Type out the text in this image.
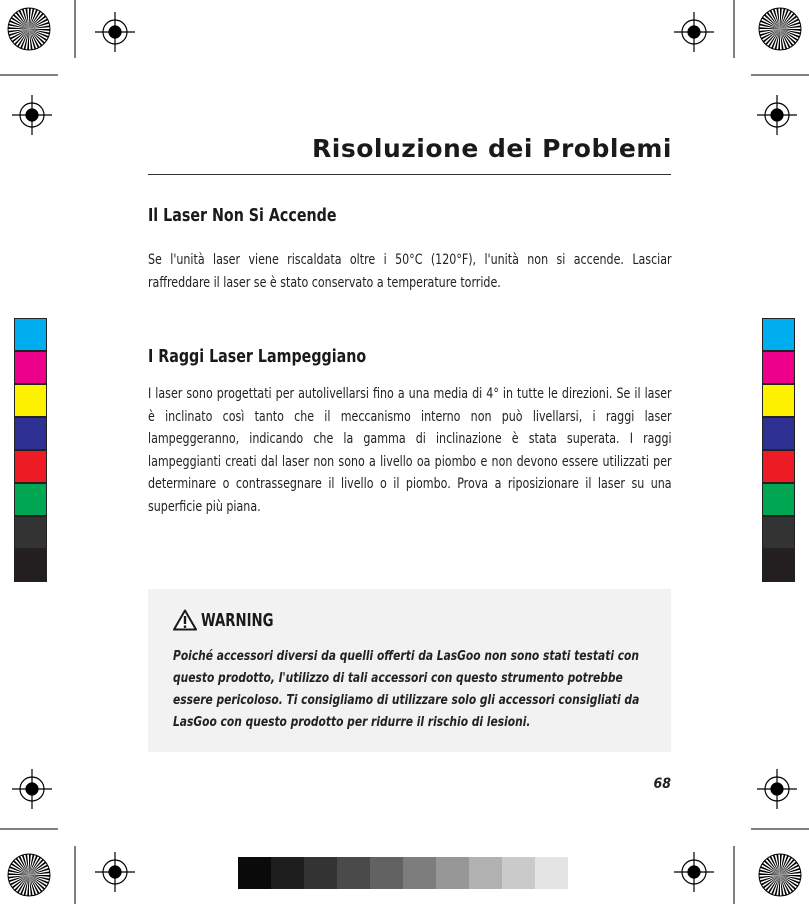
Risoluzione dei Problemi
Il Laser Non Si Accende

Se l'unità laser viene riscaldata oltre i 50°C (120°F), l'unità non si accende. Lasciar raffreddare il laser se è stato conservato a temperature torride.

I Raggi Laser Lampeggiano

I laser sono progettati per autolivellarsi fino a una media di 4° in tutte le direzioni. Se il laser è inclinato così tanto che il meccanismo interno non può livellarsi, i raggi laser lampeggeranno, indicando che la gamma di inclinazione è stata superata. I raggi lampeggianti creati dal laser non sono a livello oa piombo e non devono essere utilizzati per determinare o contrassegnare il livello o il piombo. Prova a riposizionare il laser su una superficie più piana.

WARNING

Poiché accessori diversi da quelli offerti da LasGoo non sono stati testati con questo prodotto, l'utilizzo di tali accessori con questo strumento potrebbe essere pericoloso. Ti consigliamo di utilizzare solo gli accessori consigliati da LasGoo con questo prodotto per ridurre il rischio di lesioni.

68
